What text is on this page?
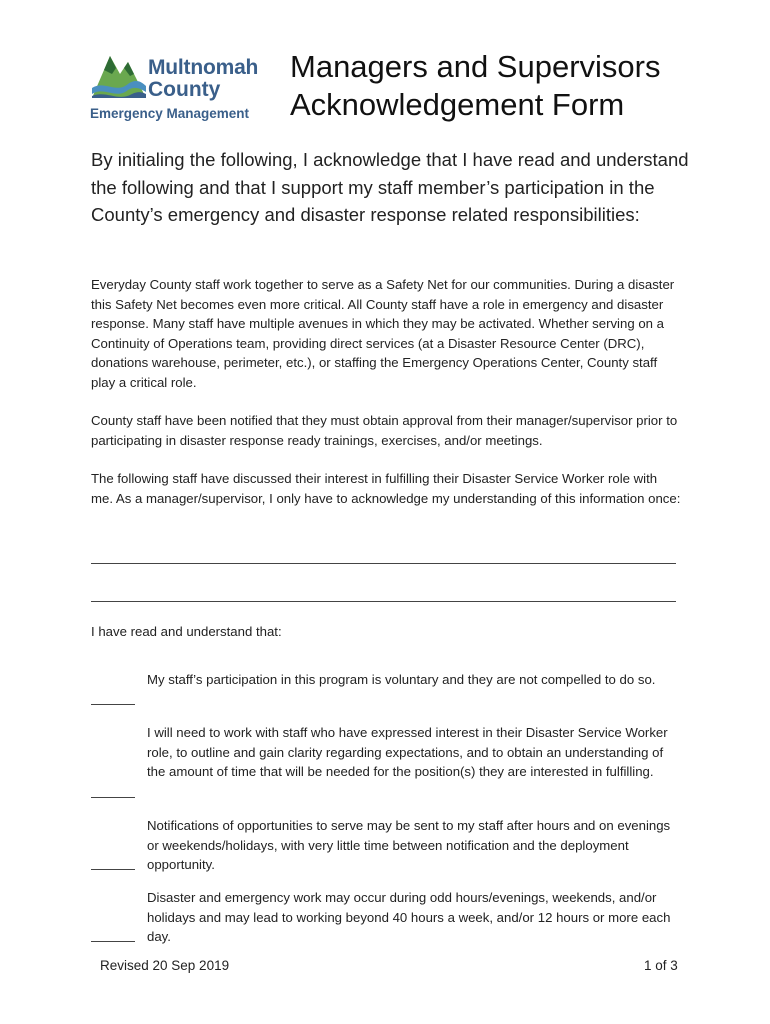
Multnomah
County
Emergency Management
Managers and Supervisors
Acknowledgement Form
By initialing the following, I acknowledge that I have read and understand the following and that I support my staff member’s participation in the County’s emergency and disaster response related responsibilities:
Everyday County staff work together to serve as a Safety Net for our communities. During a disaster this Safety Net becomes even more critical. All County staff have a role in emergency and disaster response. Many staff have multiple avenues in which they may be activated. Whether serving on a Continuity of Operations team, providing direct services (at a Disaster Resource Center (DRC), donations warehouse, perimeter, etc.), or staffing the Emergency Operations Center, County staff play a critical role.
County staff have been notified that they must obtain approval from their manager/supervisor prior to participating in disaster response ready trainings, exercises, and/or meetings.
The following staff have discussed their interest in fulfilling their Disaster Service Worker role with me. As a manager/supervisor, I only have to acknowledge my understanding of this information once:
I have read and understand that:
My staff’s participation in this program is voluntary and they are not compelled to do so.
I will need to work with staff who have expressed interest in their Disaster Service Worker role, to outline and gain clarity regarding expectations, and to obtain an understanding of the amount of time that will be needed for the position(s) they are interested in fulfilling.
Notifications of opportunities to serve may be sent to my staff after hours and on evenings or weekends/holidays, with very little time between notification and the deployment opportunity.
Disaster and emergency work may occur during odd hours/evenings, weekends, and/or holidays and may lead to working beyond 40 hours a week, and/or 12 hours or more each day.
Revised 20 Sep 2019	1 of 3
